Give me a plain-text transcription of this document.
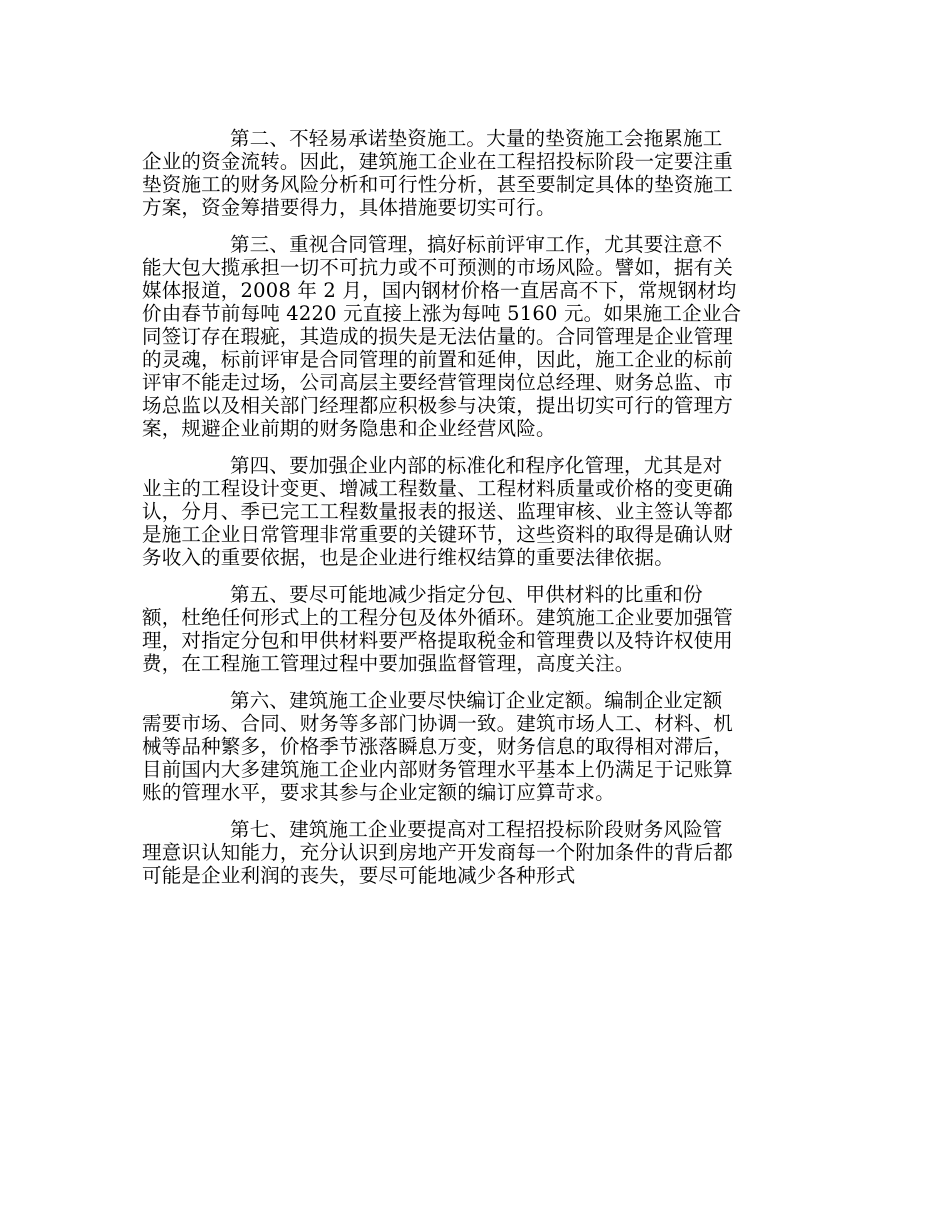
第二、不轻易承诺垫资施工。大量的垫资施工会拖累施工企业的资金流转。因此，建筑施工企业在工程招投标阶段一定要注重垫资施工的财务风险分析和可行性分析，甚至要制定具体的垫资施工方案，资金筹措要得力，具体措施要切实可行。

第三、重视合同管理，搞好标前评审工作，尤其要注意不能大包大揽承担一切不可抗力或不可预测的市场风险。譬如，据有关媒体报道，2008 年 2 月，国内钢材价格一直居高不下，常规钢材均价由春节前每吨 4220 元直接上涨为每吨 5160 元。如果施工企业合同签订存在瑕疵，其造成的损失是无法估量的。合同管理是企业管理的灵魂，标前评审是合同管理的前置和延伸，因此，施工企业的标前评审不能走过场，公司高层主要经营管理岗位总经理、财务总监、市场总监以及相关部门经理都应积极参与决策，提出切实可行的管理方案，规避企业前期的财务隐患和企业经营风险。

第四、要加强企业内部的标准化和程序化管理，尤其是对业主的工程设计变更、增减工程数量、工程材料质量或价格的变更确认，分月、季已完工工程数量报表的报送、监理审核、业主签认等都是施工企业日常管理非常重要的关键环节，这些资料的取得是确认财务收入的重要依据，也是企业进行维权结算的重要法律依据。

第五、要尽可能地减少指定分包、甲供材料的比重和份额，杜绝任何形式上的工程分包及体外循环。建筑施工企业要加强管理，对指定分包和甲供材料要严格提取税金和管理费以及特许权使用费，在工程施工管理过程中要加强监督管理，高度关注。

第六、建筑施工企业要尽快编订企业定额。编制企业定额需要市场、合同、财务等多部门协调一致。建筑市场人工、材料、机械等品种繁多，价格季节涨落瞬息万变，财务信息的取得相对滞后，目前国内大多建筑施工企业内部财务管理水平基本上仍满足于记账算账的管理水平，要求其参与企业定额的编订应算苛求。

第七、建筑施工企业要提高对工程招投标阶段财务风险管理意识认知能力，充分认识到房地产开发商每一个附加条件的背后都可能是企业利润的丧失，要尽可能地减少各种形式
